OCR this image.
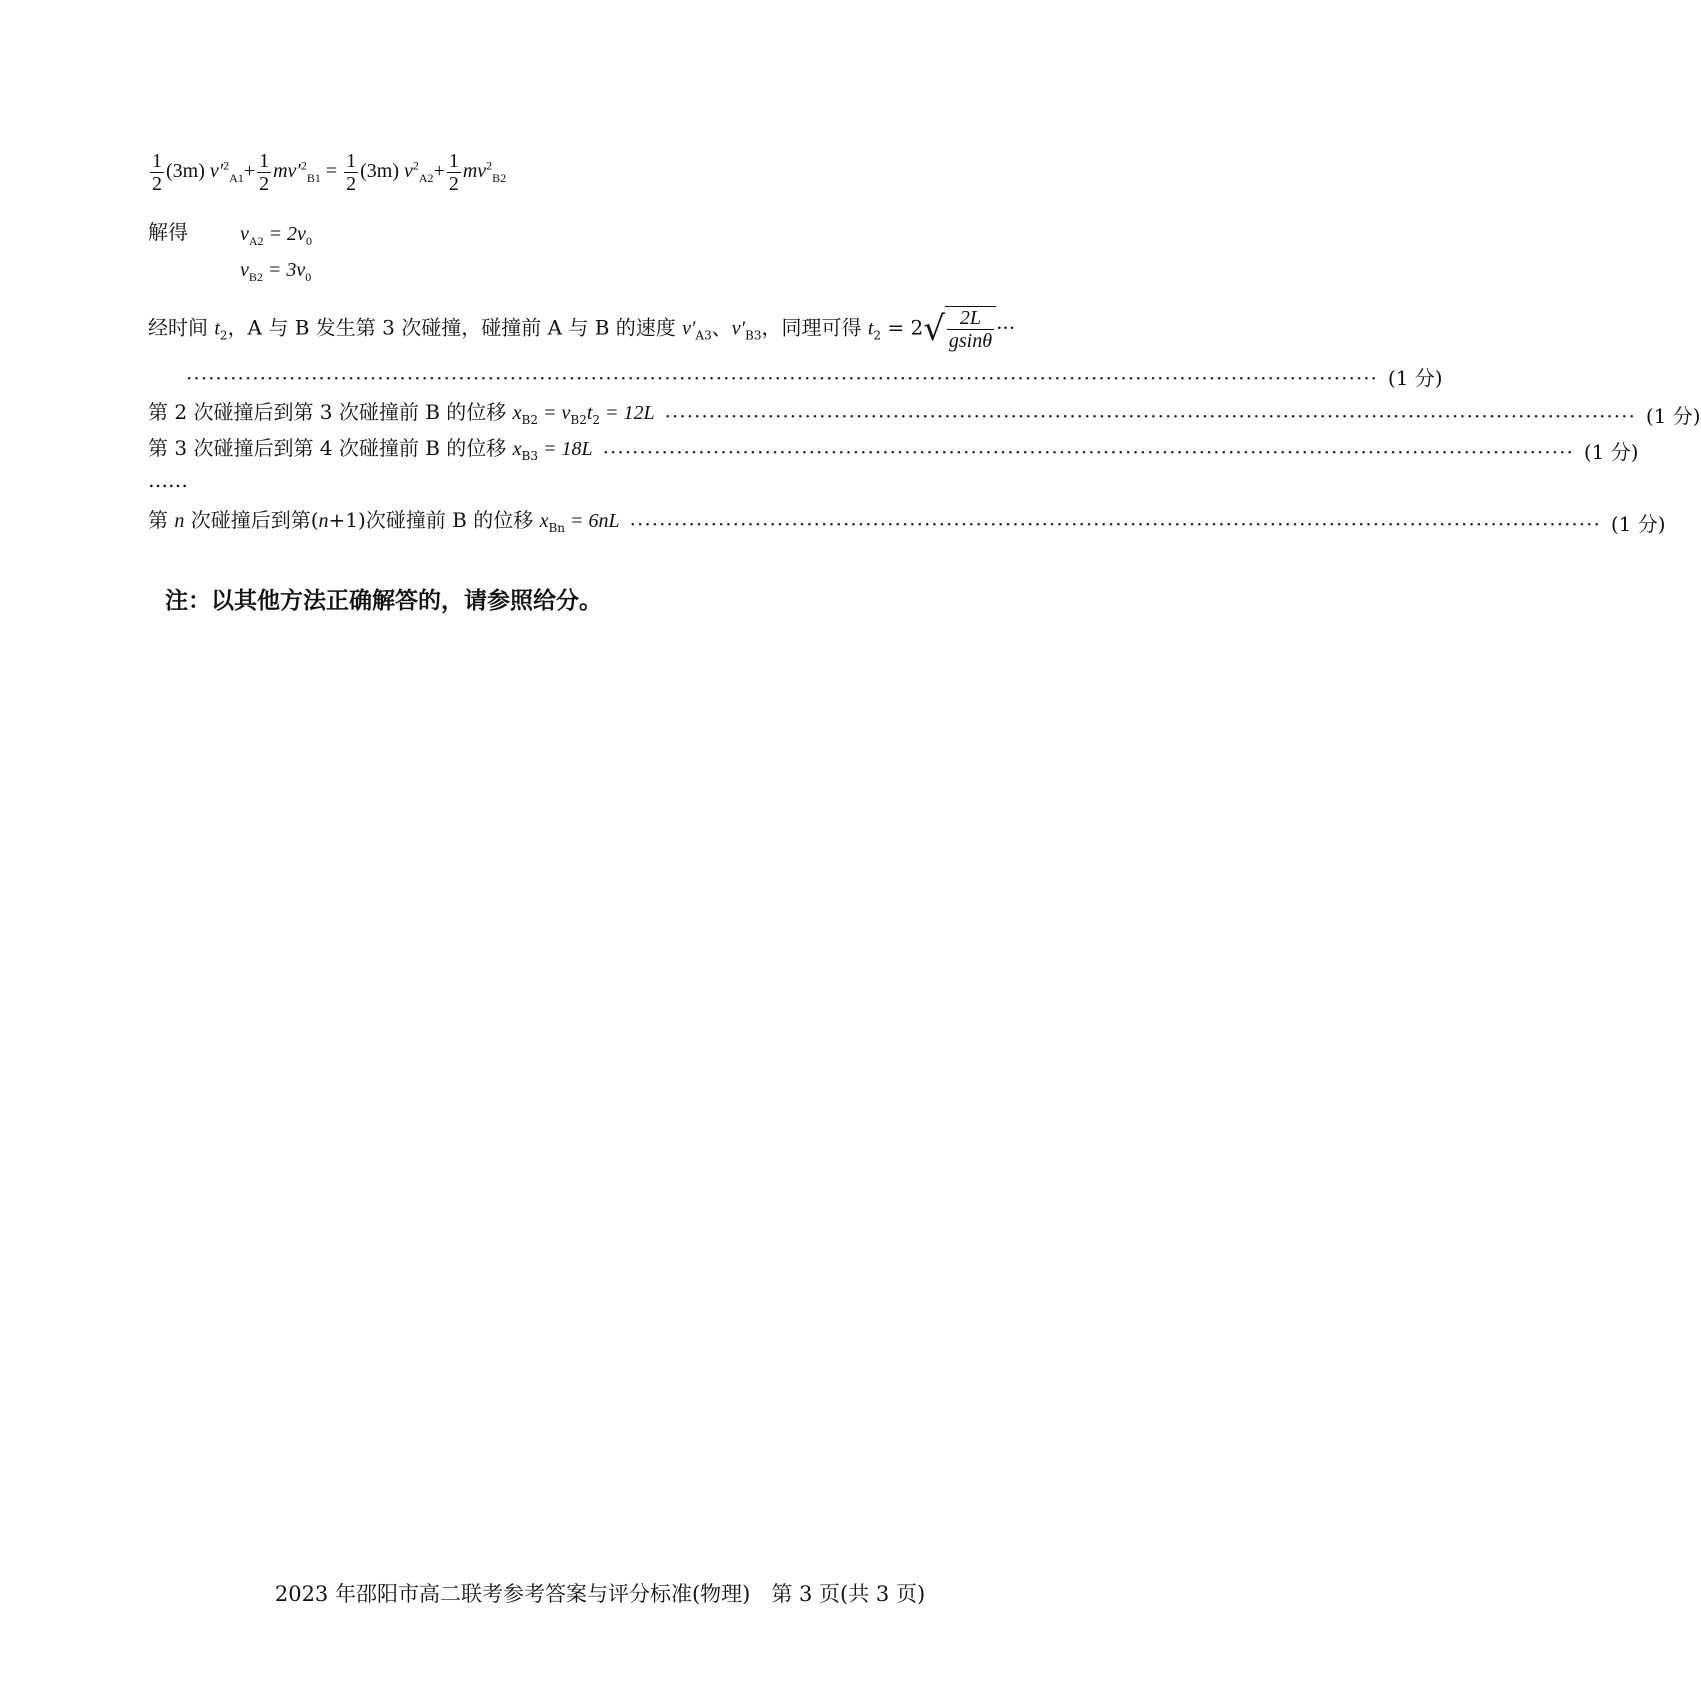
$\frac{1}{2} (3m)$ $v'^2_{A1}+ \frac{1}{2} mv'^2_{B1} = \frac{1}{2} (3m)$ $v^2_{A2}+ \frac{1}{2} mv^2_{B2}$
解得	$v_{A2} = 2v_0$
$v_{B2} = 3v_0$
经时间 $t_2$，A 与 B 发生第 3 次碰撞，碰撞前 A 与 B 的速度 $v'_{A3}$、$v'_{B3}$，同理可得 $t_2 = 2√ \frac{2L}{gsin\theta}$ ···
·································································································································································· (1 分)
第 2 次碰撞后到第 3 次碰撞前 B 的位移 $x_{B2} = v_{B2}t_2 = 12L$ ···································································································································· (1 分)
第 3 次碰撞后到第 4 次碰撞前 B 的位移 $x_{B3} = 18L$ ···································································································································· (1 分)
……
第 n 次碰撞后到第(n+1)次碰撞前 B 的位移 $x_{Bn} = 6nL$ ···································································································································· (1 分)
注：以其他方法正确解答的，请参照给分。
2023 年邵阳市高二联考参考答案与评分标准(物理)　第 3 页(共 3 页)
